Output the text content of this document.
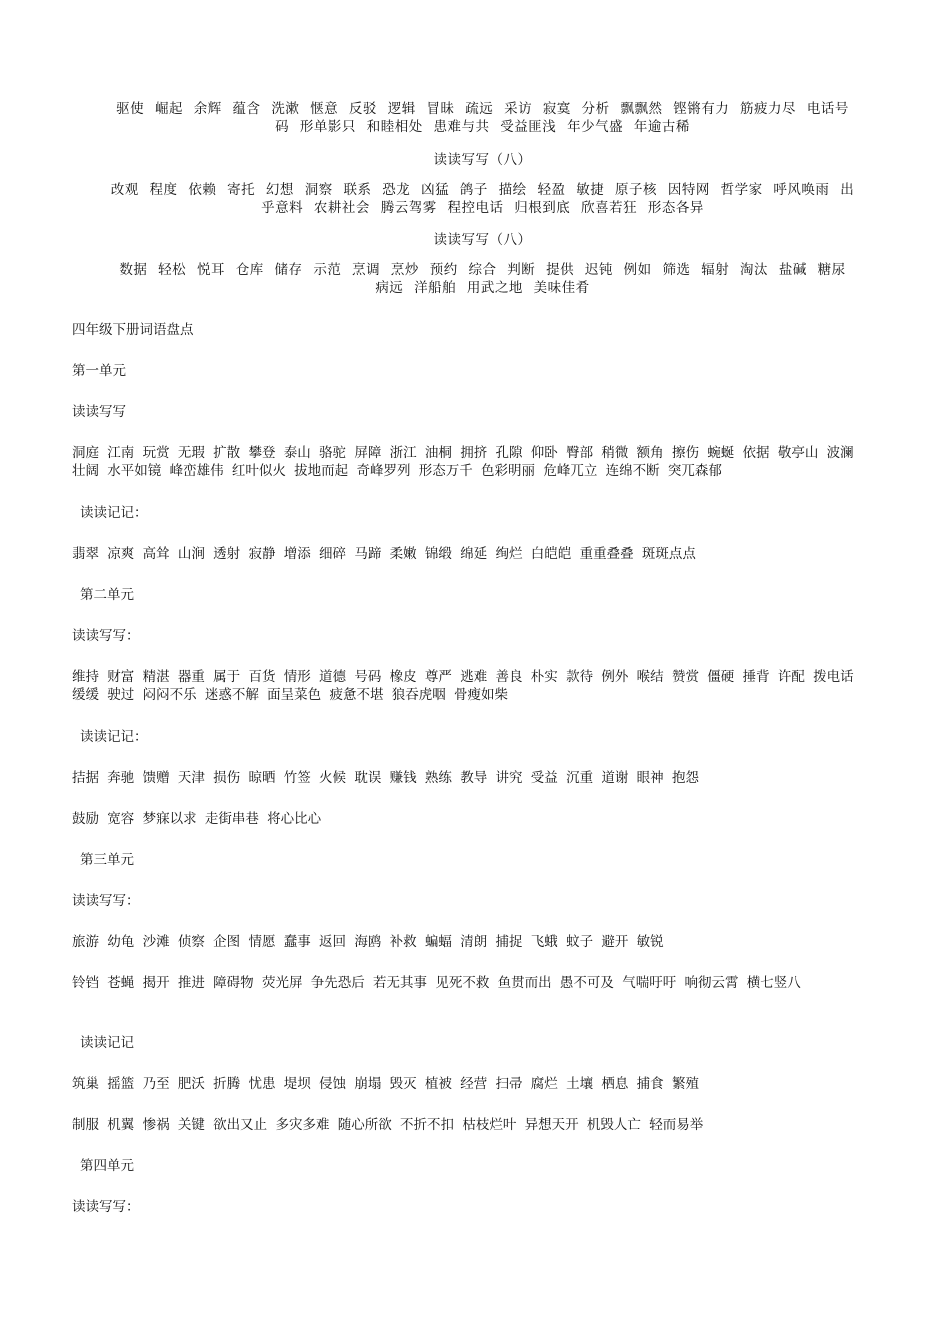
驱使 崛起 余辉 蕴含 洗漱 惬意 反驳 逻辑 冒昧 疏远 采访 寂寞 分析 飘飘然 铿锵有力 筋疲力尽 电话号码 形单影只 和睦相处 患难与共 受益匪浅 年少气盛 年逾古稀
读读写写（八）
改观 程度 依赖 寄托 幻想 洞察 联系 恐龙 凶猛 鸽子 描绘 轻盈 敏捷 原子核 因特网 哲学家 呼风唤雨 出乎意料 农耕社会 腾云驾雾 程控电话 归根到底 欣喜若狂 形态各异
读读写写（八）
数据 轻松 悦耳 仓库 储存 示范 烹调 烹炒 预约 综合 判断 提供 迟钝 例如 筛选 辐射 淘汰 盐碱 糖尿 病远 洋船舶 用武之地 美味佳肴
四年级下册词语盘点
第一单元
读读写写
洞庭 江南 玩赏 无瑕 扩散 攀登 泰山 骆驼 屏障 浙江 油桐 拥挤 孔隙 仰卧 臀部 稍微 额角 擦伤 蜿蜒 依据 敬亭山 波澜壮阔 水平如镜 峰峦雄伟 红叶似火 拔地而起 奇峰罗列 形态万千 色彩明丽 危峰兀立 连绵不断 突兀森郁
读读记记：
翡翠 凉爽 高耸 山涧 透射 寂静 增添 细碎 马蹄 柔嫩 锦缎 绵延 绚烂 白皑皑 重重叠叠 斑斑点点
第二单元
读读写写：
维持 财富 精湛 器重 属于 百货 情形 道德 号码 橡皮 尊严 逃难 善良 朴实 款待 例外 喉结 赞赏 僵硬 捶背 许配 拨电话 缓缓 驶过 闷闷不乐 迷惑不解 面呈菜色 疲惫不堪 狼吞虎咽 骨瘦如柴
读读记记：
拮据 奔驰 馈赠 天津 损伤 晾晒 竹签 火候 耽误 赚钱 熟练 教导 讲究 受益 沉重 道谢 眼神 抱怨
鼓励 宽容 梦寐以求 走街串巷 将心比心
第三单元
读读写写：
旅游 幼龟 沙滩 侦察 企图 情愿 蠢事 返回 海鸥 补救 蝙蝠 清朗 捕捉 飞蛾 蚊子 避开 敏锐
铃铛 苍蝇 揭开 推进 障碍物 荧光屏 争先恐后 若无其事 见死不救 鱼贯而出 愚不可及 气喘吁吁 响彻云霄 横七竖八
读读记记
筑巢 摇篮 乃至 肥沃 折腾 忧患 堤坝 侵蚀 崩塌 毁灭 植被 经营 扫帚 腐烂 土壤 栖息 捕食 繁殖
制服 机翼 惨祸 关键 欲出又止 多灾多难 随心所欲 不折不扣 枯枝烂叶 异想天开 机毁人亡 轻而易举
第四单元
读读写写：
